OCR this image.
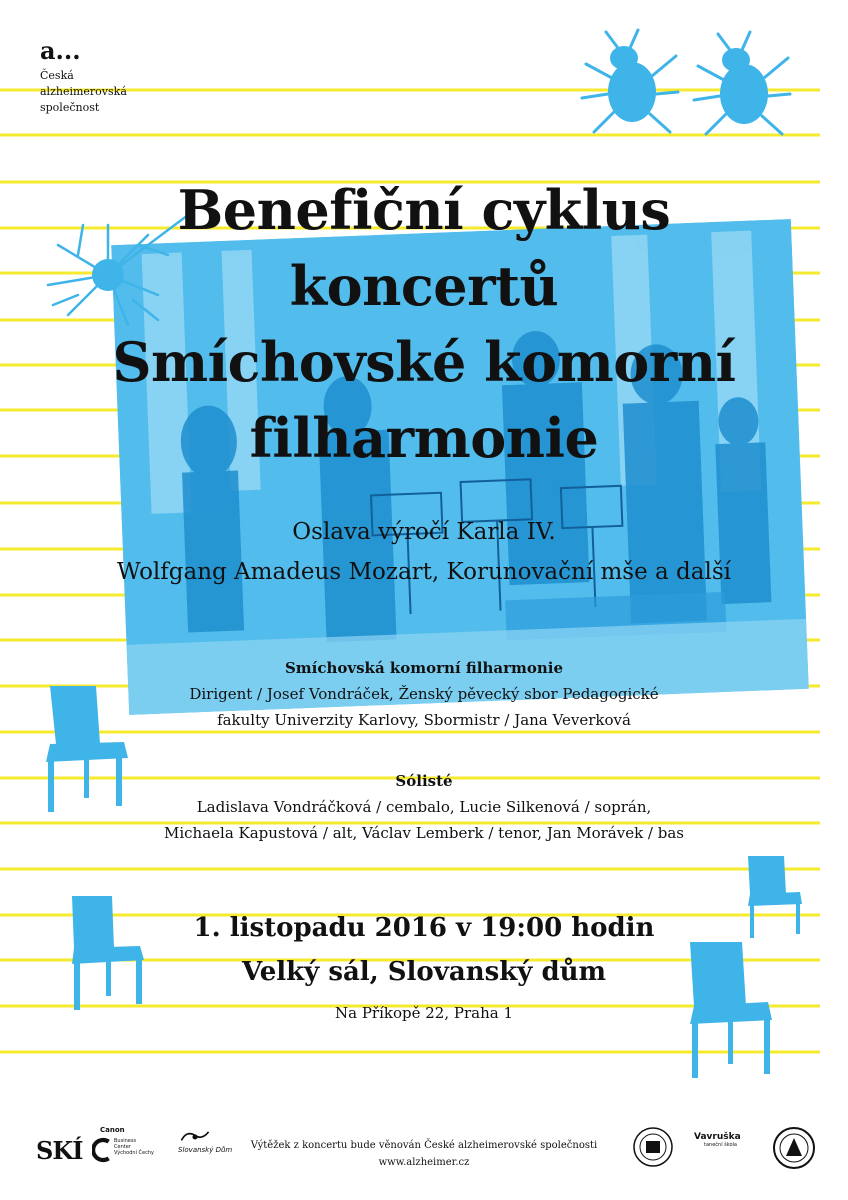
a...
Česká
alzheimerovská
společnost
Benefiční cyklus
koncertů
Smíchovské komorní
filharmonie
Oslava výročí Karla IV.
Wolfgang Amadeus Mozart, Korunovační mše a další
Smíchovská komorní filharmonie
Dirigent / Josef Vondráček, Ženský pěvecký sbor Pedagogické
fakulty Univerzity Karlovy, Sbormistr / Jana Veverková
Sólisté
Ladislava Vondráčková / cembalo, Lucie Silkenová / soprán,
Michaela Kapustová / alt, Václav Lemberk / tenor, Jan Morávek / bas
1. listopadu 2016 v 19:00 hodin
Velký sál, Slovanský dům
Na Příkopě 22, Praha 1
SKÍ
Canon
Business
Center
Východní Čechy	Slovanský Dům	Výtěžek z koncertu bude věnován České alzheimerovské společnosti
www.alzheimer.cz
Vavruška
taneční škola
